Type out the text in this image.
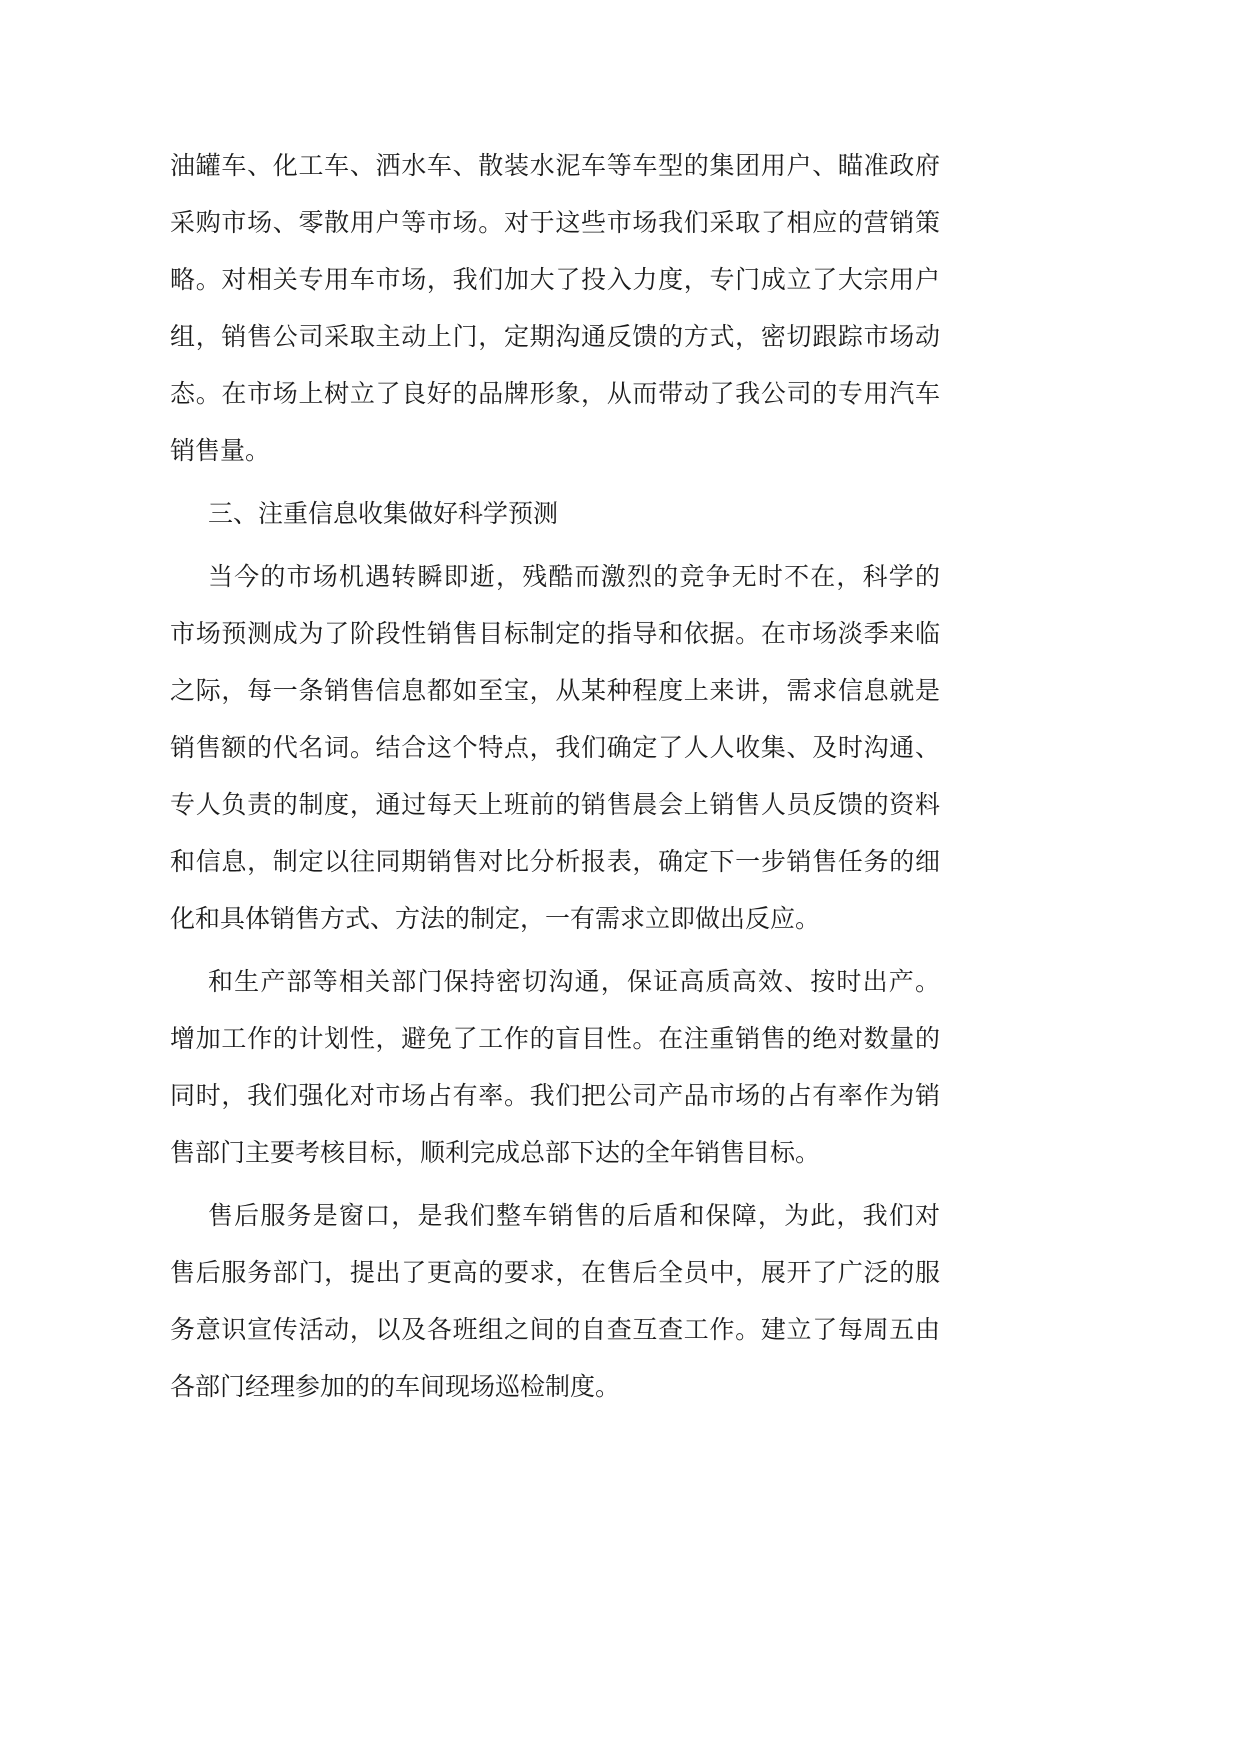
油罐车、化工车、洒水车、散装水泥车等车型的集团用户、瞄准政府
采购市场、零散用户等市场。对于这些市场我们采取了相应的营销策
略。对相关专用车市场，我们加大了投入力度，专门成立了大宗用户
组，销售公司采取主动上门，定期沟通反馈的方式，密切跟踪市场动
态。在市场上树立了良好的品牌形象，从而带动了我公司的专用汽车
销售量。
三、注重信息收集做好科学预测
当今的市场机遇转瞬即逝，残酷而激烈的竞争无时不在，科学的
市场预测成为了阶段性销售目标制定的指导和依据。在市场淡季来临
之际，每一条销售信息都如至宝，从某种程度上来讲，需求信息就是
销售额的代名词。结合这个特点，我们确定了人人收集、及时沟通、
专人负责的制度，通过每天上班前的销售晨会上销售人员反馈的资料
和信息，制定以往同期销售对比分析报表，确定下一步销售任务的细
化和具体销售方式、方法的制定，一有需求立即做出反应。
和生产部等相关部门保持密切沟通，保证高质高效、按时出产。
增加工作的计划性，避免了工作的盲目性。在注重销售的绝对数量的
同时，我们强化对市场占有率。我们把公司产品市场的占有率作为销
售部门主要考核目标，顺利完成总部下达的全年销售目标。
售后服务是窗口，是我们整车销售的后盾和保障，为此，我们对
售后服务部门，提出了更高的要求，在售后全员中，展开了广泛的服
务意识宣传活动，以及各班组之间的自查互查工作。建立了每周五由
各部门经理参加的的车间现场巡检制度。
